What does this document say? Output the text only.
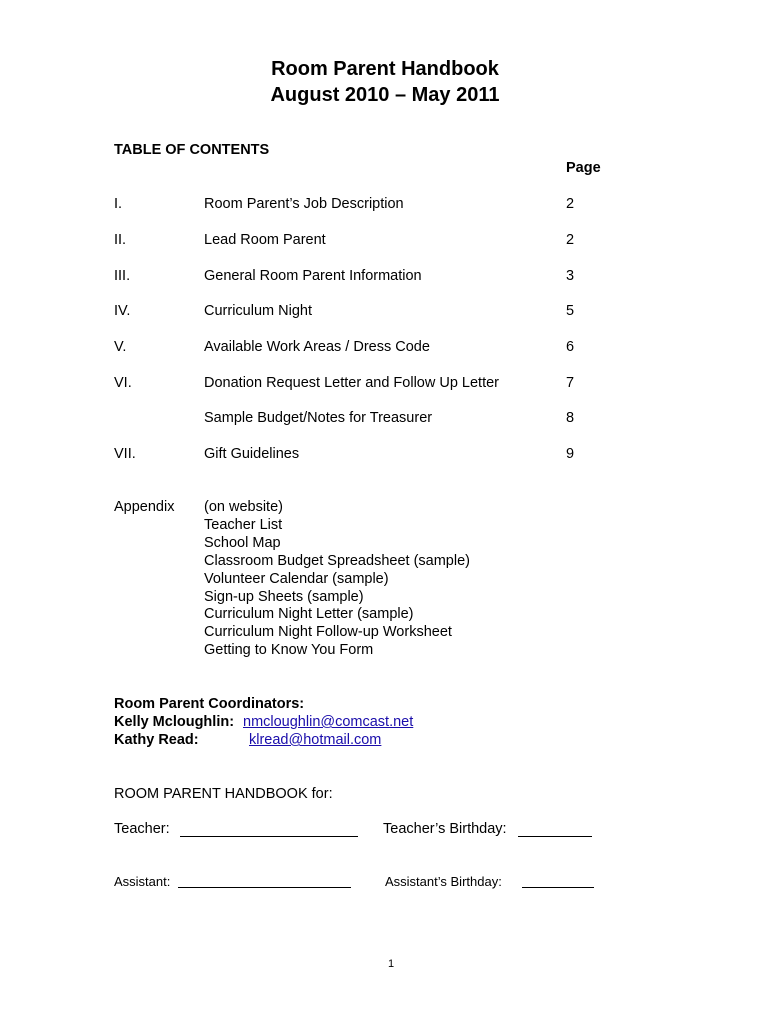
Room Parent Handbook
August 2010 – May 2011
TABLE OF CONTENTS
Page
I.	Room Parent’s Job Description	2
II.	Lead Room Parent	2
III.	General Room Parent Information	3
IV.	Curriculum Night	5
V.	Available Work Areas / Dress Code	6
VI.	Donation Request Letter and Follow Up Letter	7
Sample Budget/Notes for Treasurer	8
VII.	Gift Guidelines	9
Appendix (on website)
Teacher List
School Map
Classroom Budget Spreadsheet (sample)
Volunteer Calendar (sample)
Sign-up Sheets (sample)
Curriculum Night Letter (sample)
Curriculum Night Follow-up Worksheet
Getting to Know You Form
Room Parent Coordinators:
Kelly Mcloughlin: nmcloughlin@comcast.net
Kathy Read:	klread@hotmail.com
ROOM PARENT HANDBOOK for:
Teacher:	Teacher’s Birthday:
Assistant:	Assistant’s Birthday:
1
